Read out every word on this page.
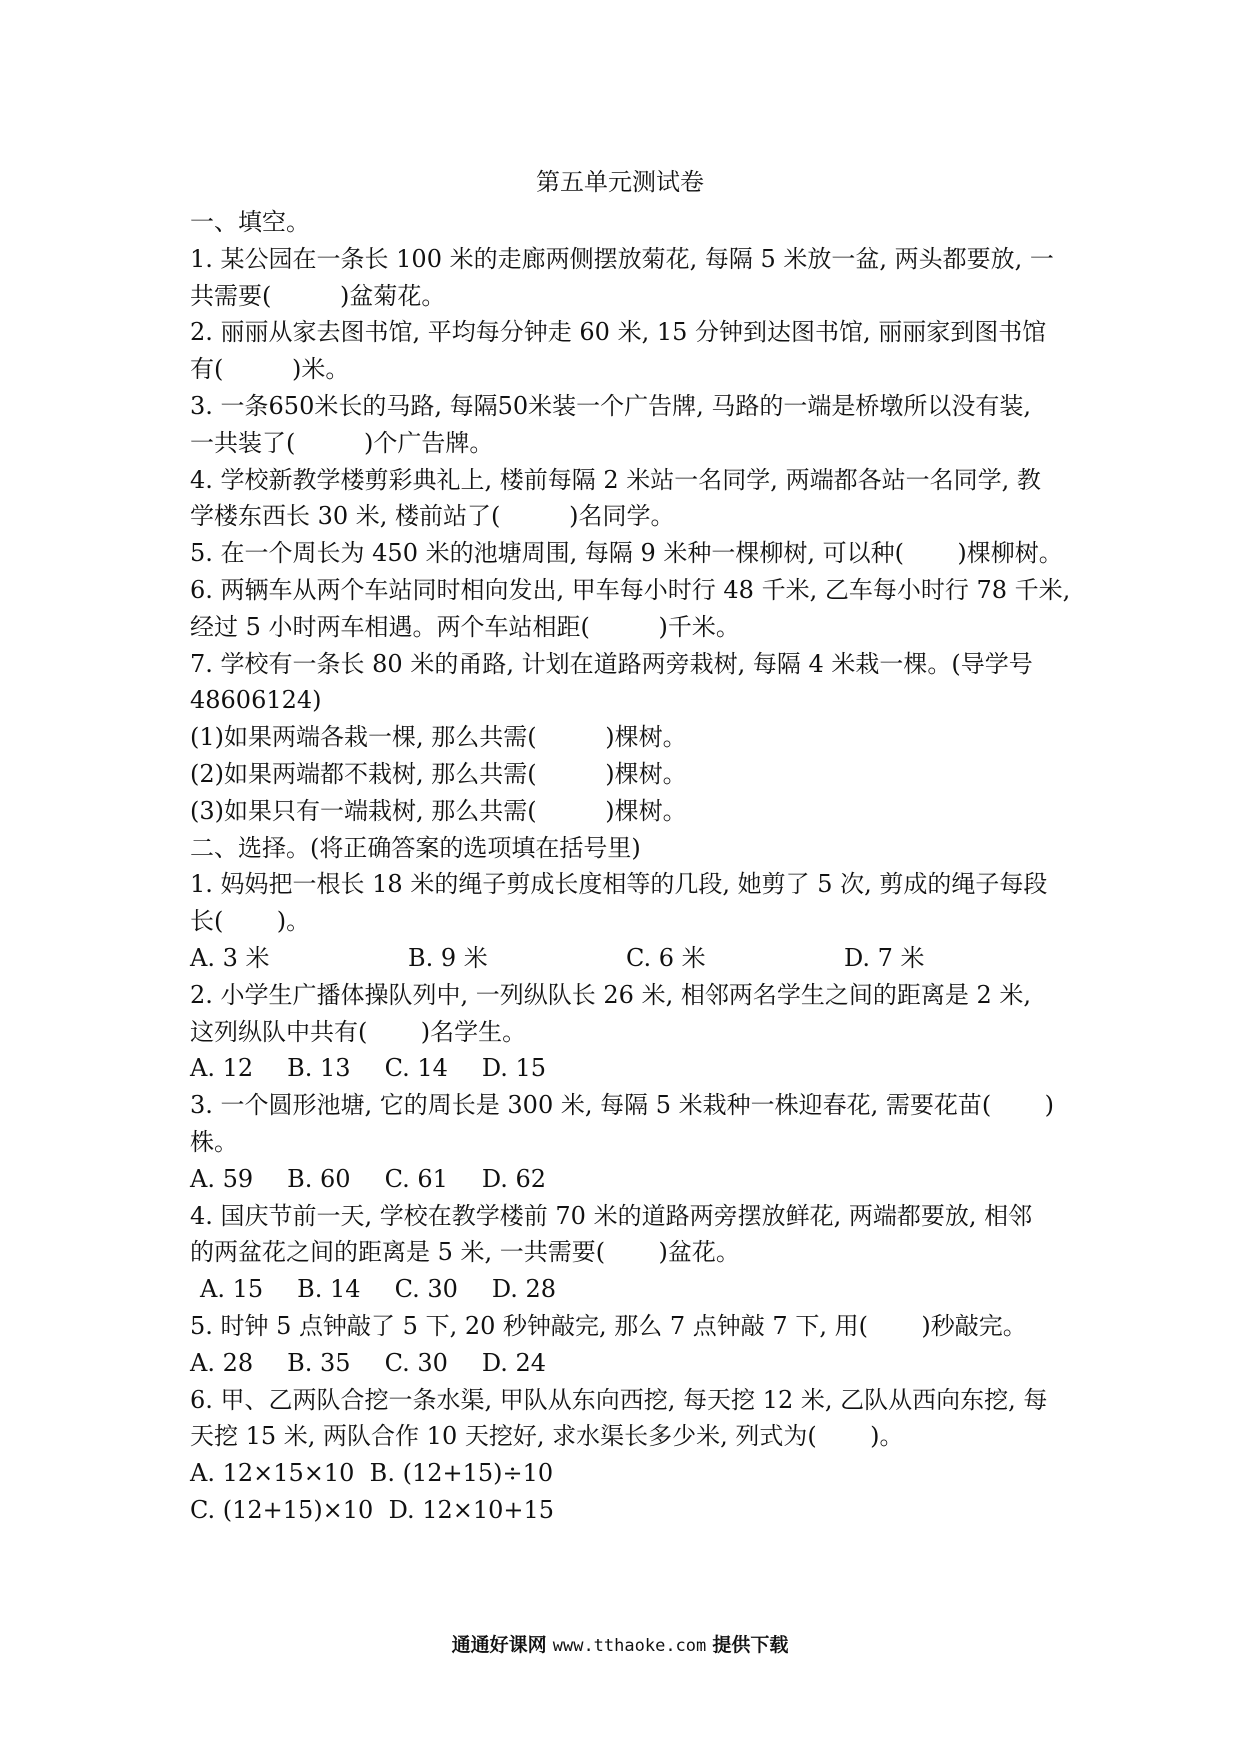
第五单元测试卷
一、填空。
1. 某公园在一条长 100 米的走廊两侧摆放菊花, 每隔 5 米放一盆, 两头都要放, 一
共需要(         )盆菊花。
2. 丽丽从家去图书馆, 平均每分钟走 60 米, 15 分钟到达图书馆, 丽丽家到图书馆
有(         )米。
3. 一条650米长的马路, 每隔50米装一个广告牌, 马路的一端是桥墩所以没有装,
一共装了(         )个广告牌。
4. 学校新教学楼剪彩典礼上, 楼前每隔 2 米站一名同学, 两端都各站一名同学, 教
学楼东西长 30 米, 楼前站了(         )名同学。
5. 在一个周长为 450 米的池塘周围, 每隔 9 米种一棵柳树, 可以种(       )棵柳树。
6. 两辆车从两个车站同时相向发出, 甲车每小时行 48 千米, 乙车每小时行 78 千米,
经过 5 小时两车相遇。两个车站相距(         )千米。
7. 学校有一条长 80 米的甬路, 计划在道路两旁栽树, 每隔 4 米栽一棵。(导学号
48606124)
(1)如果两端各栽一棵, 那么共需(         )棵树。
(2)如果两端都不栽树, 那么共需(         )棵树。
(3)如果只有一端栽树, 那么共需(         )棵树。
二、选择。(将正确答案的选项填在括号里)
1. 妈妈把一根长 18 米的绳子剪成长度相等的几段, 她剪了 5 次, 剪成的绳子每段
长(       )。
A. 3 米	B. 9 米	C. 6 米	D. 7 米
2. 小学生广播体操队列中, 一列纵队长 26 米, 相邻两名学生之间的距离是 2 米,
这列纵队中共有(       )名学生。
A. 12 B. 13 C. 14 D. 15
3. 一个圆形池塘, 它的周长是 300 米, 每隔 5 米栽种一株迎春花, 需要花苗(       )
株。
A. 59 B. 60 C. 61 D. 62
4. 国庆节前一天, 学校在教学楼前 70 米的道路两旁摆放鲜花, 两端都要放, 相邻
的两盆花之间的距离是 5 米, 一共需要(       )盆花。
A. 15 B. 14 C. 30 D. 28
5. 时钟 5 点钟敲了 5 下, 20 秒钟敲完, 那么 7 点钟敲 7 下, 用(       )秒敲完。
A. 28 B. 35 C. 30 D. 24
6. 甲、乙两队合挖一条水渠, 甲队从东向西挖, 每天挖 12 米, 乙队从西向东挖, 每
天挖 15 米, 两队合作 10 天挖好, 求水渠长多少米, 列式为(       )。
A. 12×15×10  B. (12+15)÷10
C. (12+15)×10  D. 12×10+15
通通好课网 www.tthaoke.com 提供下载
